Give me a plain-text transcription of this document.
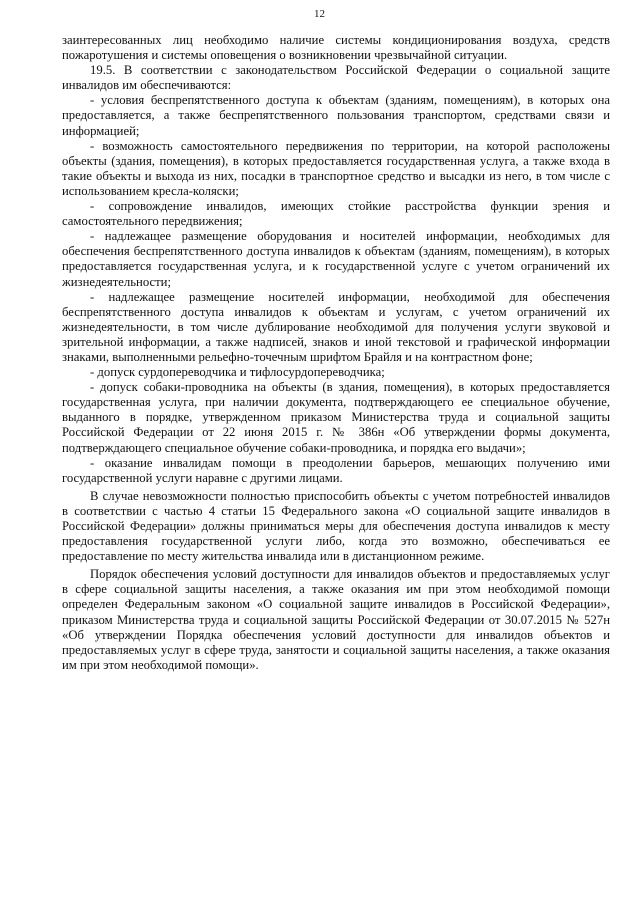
12

заинтересованных лиц необходимо наличие системы кондиционирования воздуха, средств пожаротушения и системы оповещения о возникновении чрезвычайной ситуации.

19.5. В соответствии с законодательством Российской Федерации о социальной защите инвалидов им обеспечиваются:

- условия беспрепятственного доступа к объектам (зданиям, помещениям), в которых она предоставляется, а также беспрепятственного пользования транспортом, средствами связи и информацией;

- возможность самостоятельного передвижения по территории, на которой расположены объекты (здания, помещения), в которых предоставляется государственная услуга, а также входа в такие объекты и выхода из них, посадки в транспортное средство и высадки из него, в том числе с использованием кресла-коляски;

- сопровождение инвалидов, имеющих стойкие расстройства функции зрения и самостоятельного передвижения;

- надлежащее размещение оборудования и носителей информации, необходимых для обеспечения беспрепятственного доступа инвалидов к объектам (зданиям, помещениям), в которых предоставляется государственная услуга, и к государственной услуге с учетом ограничений их жизнедеятельности;

- надлежащее размещение носителей информации, необходимой для обеспечения беспрепятственного доступа инвалидов к объектам и услугам, с учетом ограничений их жизнедеятельности, в том числе дублирование необходимой для получения услуги звуковой и зрительной информации, а также надписей, знаков и иной текстовой и графической информации знаками, выполненными рельефно-точечным шрифтом Брайля и на контрастном фоне;

- допуск сурдопереводчика и тифлосурдопереводчика;

- допуск собаки-проводника на объекты (в здания, помещения), в которых предоставляется государственная услуга, при наличии документа, подтверждающего ее специальное обучение, выданного в порядке, утвержденном приказом Министерства труда и социальной защиты Российской Федерации от 22 июня 2015 г. № 386н «Об утверждении формы документа, подтверждающего специальное обучение собаки-проводника, и порядка его выдачи»;

- оказание инвалидам помощи в преодолении барьеров, мешающих получению ими государственной услуги наравне с другими лицами.

В случае невозможности полностью приспособить объекты с учетом потребностей инвалидов в соответствии с частью 4 статьи 15 Федерального закона «О социальной защите инвалидов в Российской Федерации» должны приниматься меры для обеспечения доступа инвалидов к месту предоставления государственной услуги либо, когда это возможно, обеспечиваться ее предоставление по месту жительства инвалида или в дистанционном режиме.

Порядок обеспечения условий доступности для инвалидов объектов и предоставляемых услуг в сфере социальной защиты населения, а также оказания им при этом необходимой помощи определен Федеральным законом «О социальной защите инвалидов в Российской Федерации», приказом Министерства труда и социальной защиты Российской Федерации от 30.07.2015 № 527н «Об утверждении Порядка обеспечения условий доступности для инвалидов объектов и предоставляемых услуг в сфере труда, занятости и социальной защиты населения, а также оказания им при этом необходимой помощи».
